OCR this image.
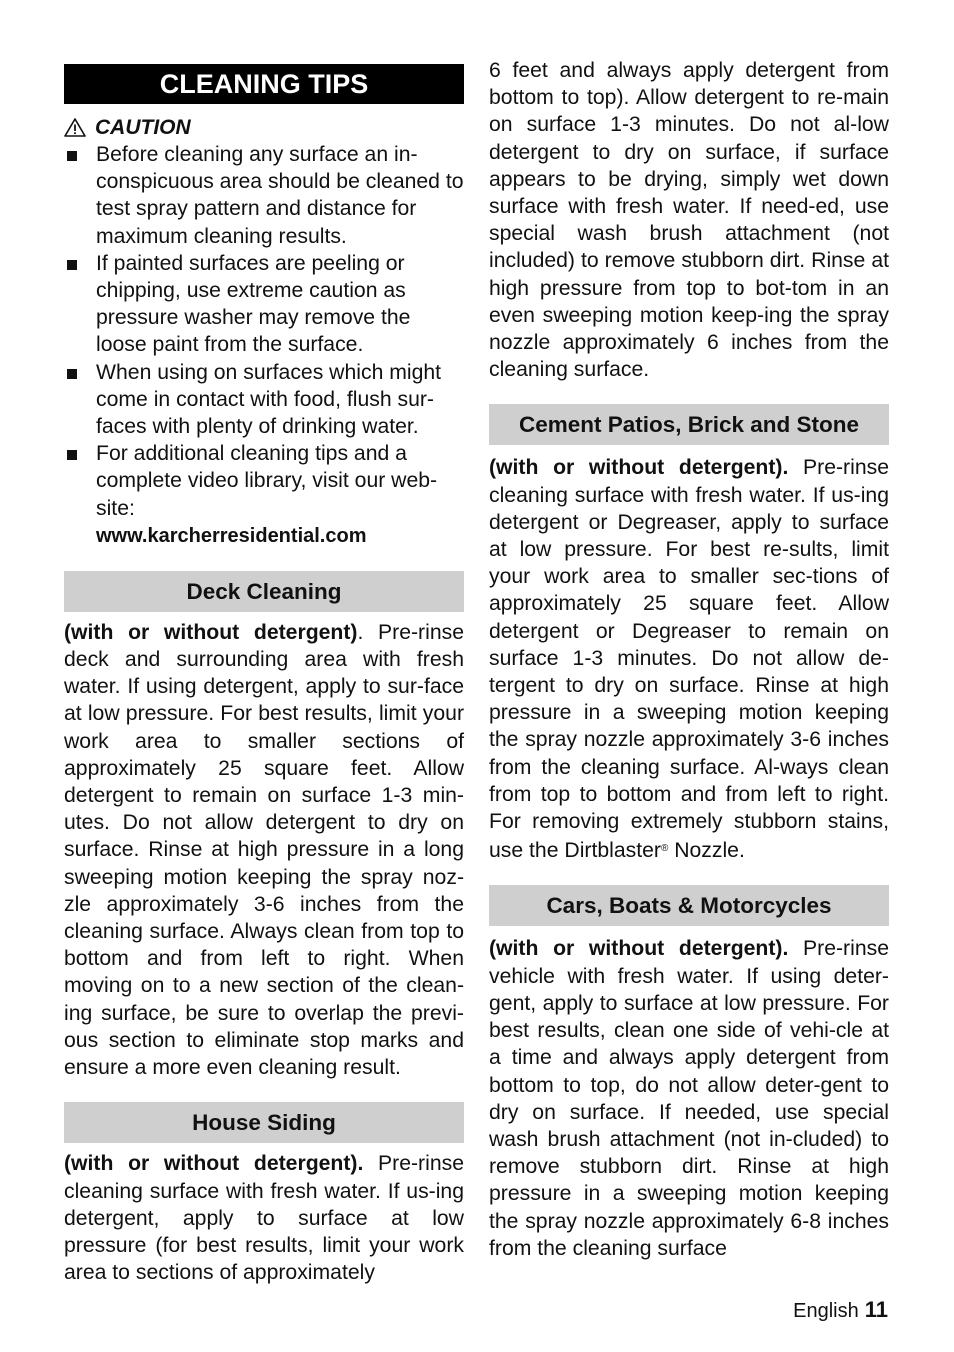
CLEANING TIPS
CAUTION
Before cleaning any surface an in-conspicuous area should be cleaned to test spray pattern and distance for maximum cleaning results.
If painted surfaces are peeling or chipping, use extreme caution as pressure washer may remove the loose paint from the surface.
When using on surfaces which might come in contact with food, flush sur-faces with plenty of drinking water.
For additional cleaning tips and a complete video library, visit our web-site:
www.karcherresidential.com
Deck Cleaning

(with or without detergent). Pre-rinse deck and surrounding area with fresh water. If using detergent, apply to sur-face at low pressure. For best results, limit your work area to smaller sections of approximately 25 square feet. Allow detergent to remain on surface 1-3 min-utes. Do not allow detergent to dry on surface. Rinse at high pressure in a long sweeping motion keeping the spray noz-zle approximately 3-6 inches from the cleaning surface. Always clean from top to bottom and from left to right. When moving on to a new section of the clean-ing surface, be sure to overlap the previ-ous section to eliminate stop marks and ensure a more even cleaning result.

House Siding

(with or without detergent). Pre-rinse cleaning surface with fresh water. If us-ing detergent, apply to surface at low pressure (for best results, limit your work area to sections of approximately

6 feet and always apply detergent from bottom to top). Allow detergent to re-main on surface 1-3 minutes. Do not al-low detergent to dry on surface, if surface appears to be drying, simply wet down surface with fresh water. If need-ed, use special wash brush attachment (not included) to remove stubborn dirt. Rinse at high pressure from top to bot-tom in an even sweeping motion keep-ing the spray nozzle approximately 6 inches from the cleaning surface.

Cement Patios, Brick and Stone

(with or without detergent). Pre-rinse cleaning surface with fresh water. If us-ing detergent or Degreaser, apply to surface at low pressure. For best re-sults, limit your work area to smaller sec-tions of approximately 25 square feet. Allow detergent or Degreaser to remain on surface 1-3 minutes. Do not allow de-tergent to dry on surface. Rinse at high pressure in a sweeping motion keeping the spray nozzle approximately 3-6 inches from the cleaning surface. Al-ways clean from top to bottom and from left to right. For removing extremely stubborn stains, use the Dirtblaster® Nozzle.

Cars, Boats & Motorcycles

(with or without detergent). Pre-rinse vehicle with fresh water. If using deter-gent, apply to surface at low pressure. For best results, clean one side of vehi-cle at a time and always apply detergent from bottom to top, do not allow deter-gent to dry on surface. If needed, use special wash brush attachment (not in-cluded) to remove stubborn dirt. Rinse at high pressure in a sweeping motion keeping the spray nozzle approximately 6-8 inches from the cleaning surface

English 11
